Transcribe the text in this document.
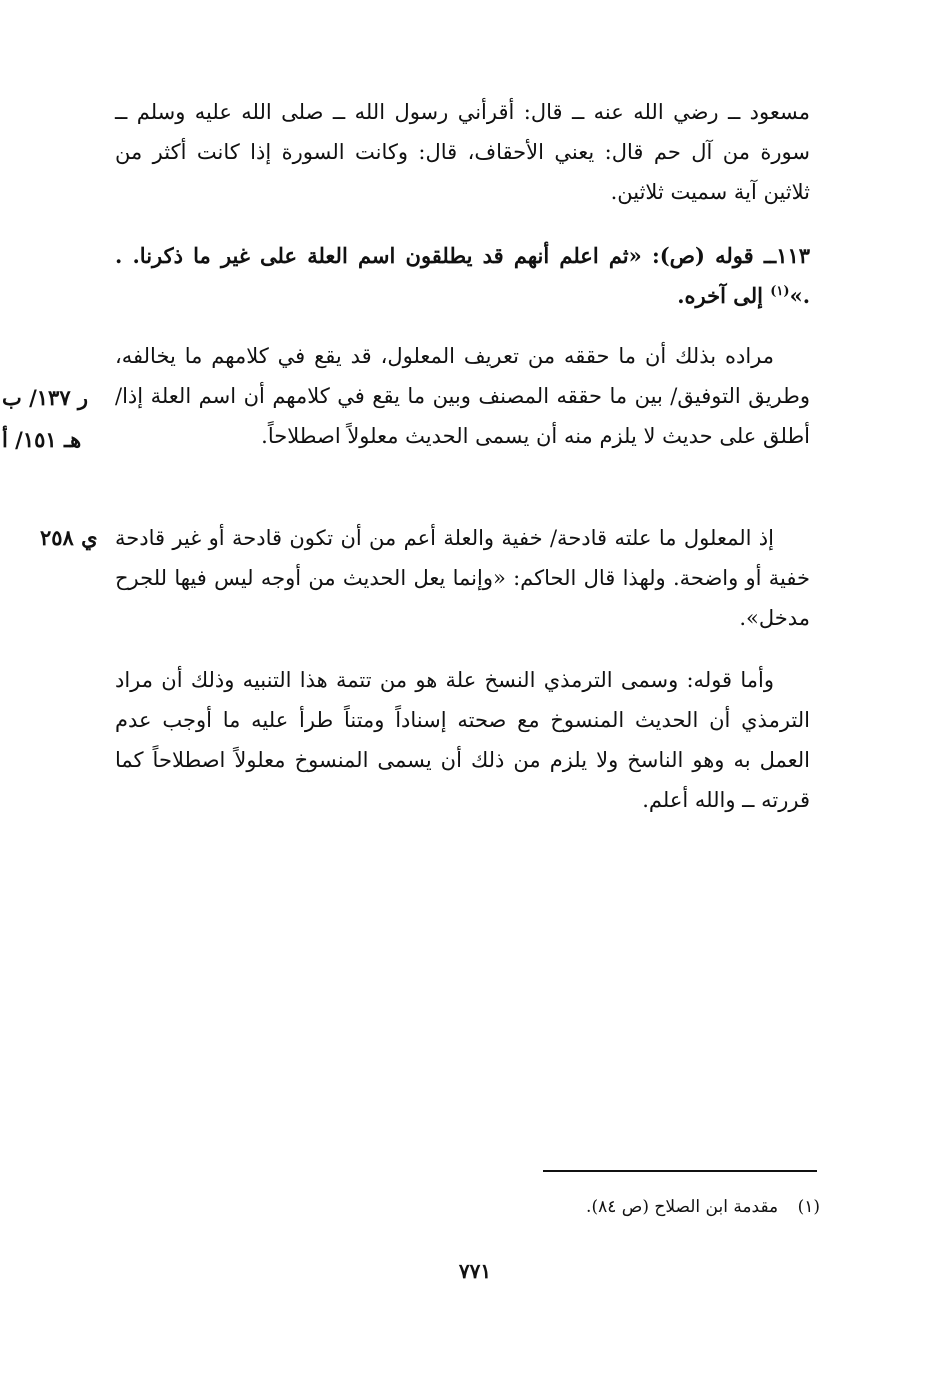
مسعود ــ رضي الله عنه ــ قال: أقرأني رسول الله ــ صلى الله عليه وسلم ــ سورة من آل حم قال: يعني الأحقاف، قال: وكانت السورة إذا كانت أكثر من ثلاثين آية سميت ثلاثين.

١١٣ــ قوله (ص): «ثم اعلم أنهم قد يطلقون اسم العلة على غير ما ذكرنا. . .»$^{(١)}$ إلى آخره.

مراده بذلك أن ما حققه من تعريف المعلول، قد يقع في كلامهم ما يخالفه، وطريق التوفيق/ بين ما حققه المصنف وبين ما يقع في كلامهم أن اسم العلة إذا/ أطلق على حديث لا يلزم منه أن يسمى الحديث معلولاً اصطلاحاً.

إذ المعلول ما علته قادحة/ خفية والعلة أعم من أن تكون قادحة أو غير قادحة خفية أو واضحة. ولهذا قال الحاكم: «وإنما يعل الحديث من أوجه ليس فيها للجرح مدخل».

وأما قوله: وسمى الترمذي النسخ علة هو من تتمة هذا التنبيه وذلك أن مراد الترمذي أن الحديث المنسوخ مع صحته إسناداً ومتناً طرأ عليه ما أوجب عدم العمل به وهو الناسخ ولا يلزم من ذلك أن يسمى المنسوخ معلولاً اصطلاحاً كما قررته ــ والله أعلم.

ر ١٣٧/ ب
هـ ١٥١/ أ
ي ٢٥٨
(١) مقدمة ابن الصلاح (ص ٨٤).
٧٧١
